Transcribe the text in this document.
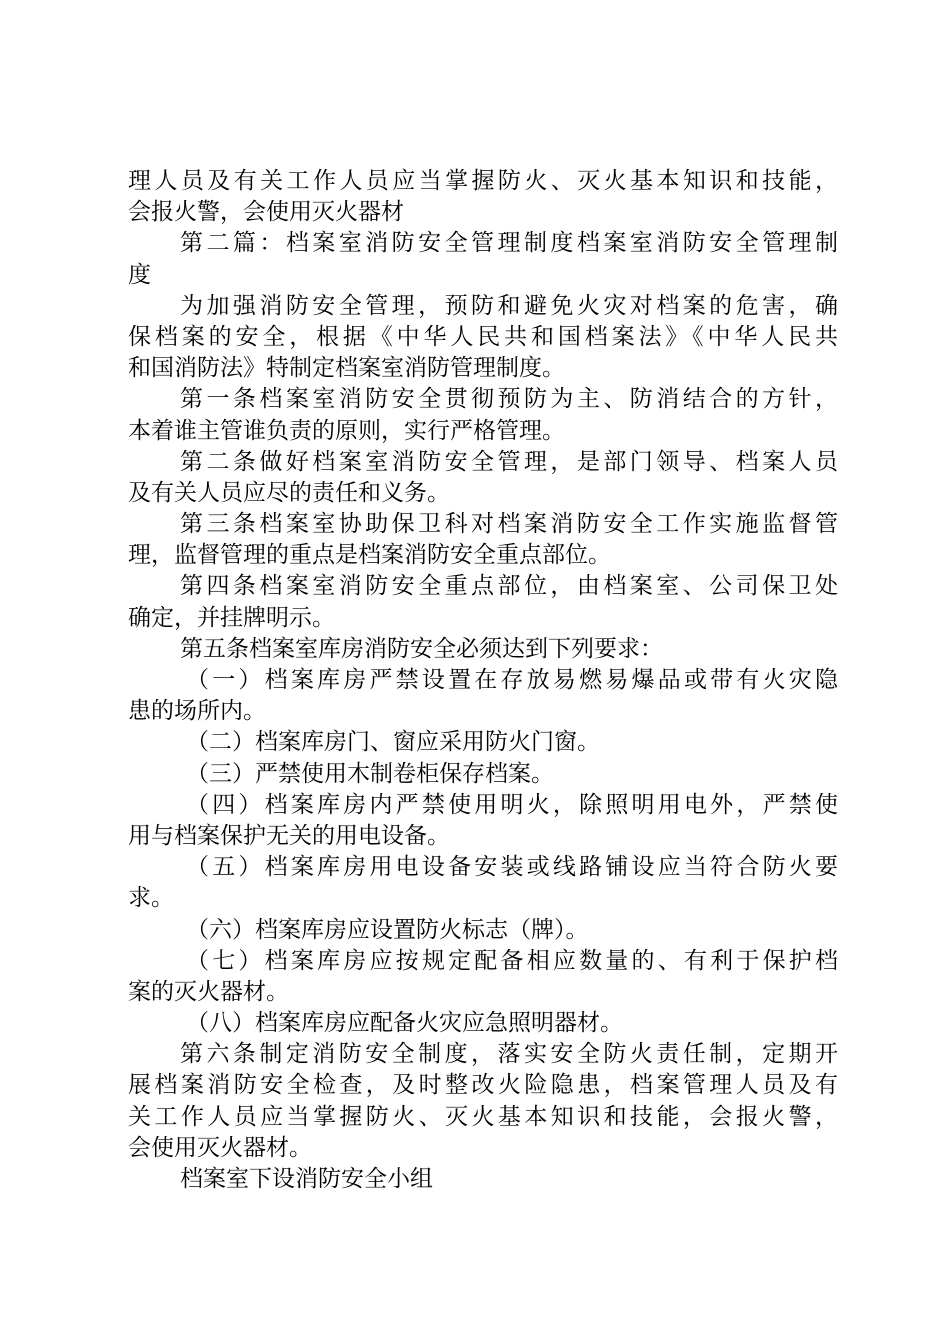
理人员及有关工作人员应当掌握防火、灭火基本知识和技能，
会报火警，会使用灭火器材
第二篇：档案室消防安全管理制度档案室消防安全管理制
度
为加强消防安全管理，预防和避免火灾对档案的危害，确
保档案的安全，根据《中华人民共和国档案法》《中华人民共
和国消防法》特制定档案室消防管理制度。
第一条档案室消防安全贯彻预防为主、防消结合的方针，
本着谁主管谁负责的原则，实行严格管理。
第二条做好档案室消防安全管理，是部门领导、档案人员
及有关人员应尽的责任和义务。
第三条档案室协助保卫科对档案消防安全工作实施监督管
理，监督管理的重点是档案消防安全重点部位。
第四条档案室消防安全重点部位，由档案室、公司保卫处
确定，并挂牌明示。
第五条档案室库房消防安全必须达到下列要求：
（一）档案库房严禁设置在存放易燃易爆品或带有火灾隐
患的场所内。
（二）档案库房门、窗应采用防火门窗。
（三）严禁使用木制卷柜保存档案。
（四）档案库房内严禁使用明火，除照明用电外，严禁使
用与档案保护无关的用电设备。
（五）档案库房用电设备安装或线路铺设应当符合防火要
求。
（六）档案库房应设置防火标志（牌）。
（七）档案库房应按规定配备相应数量的、有利于保护档
案的灭火器材。
（八）档案库房应配备火灾应急照明器材。
第六条制定消防安全制度，落实安全防火责任制，定期开
展档案消防安全检查，及时整改火险隐患，档案管理人员及有
关工作人员应当掌握防火、灭火基本知识和技能，会报火警，
会使用灭火器材。
档案室下设消防安全小组
